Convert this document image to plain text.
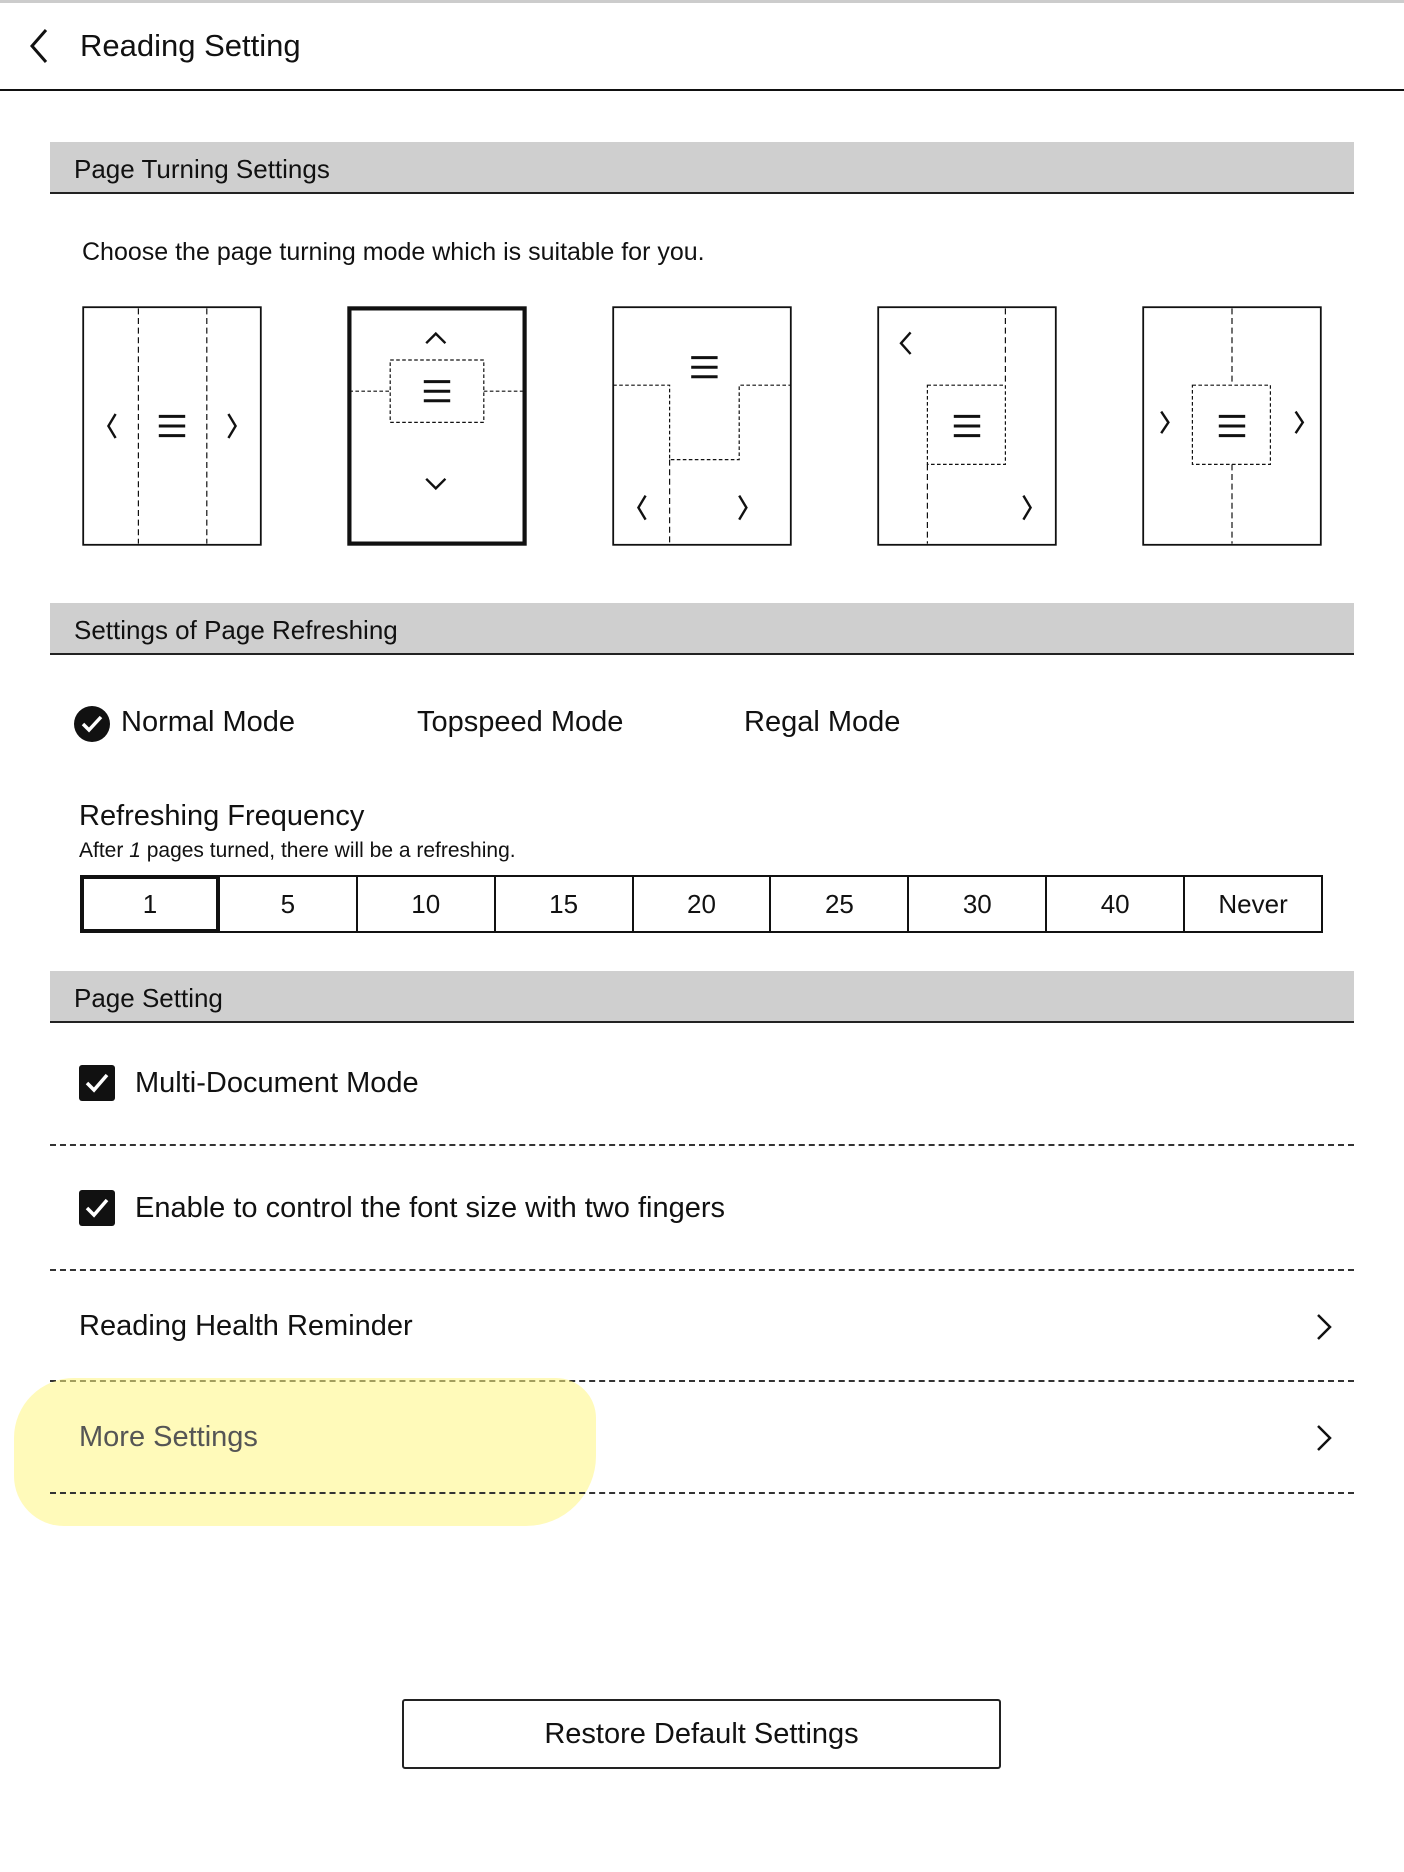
Reading Setting
Page Turning Settings
Choose the page turning mode which is suitable for you.
Settings of Page Refreshing
Normal Mode	Topspeed Mode	Regal Mode
Refreshing Frequency
After 1 pages turned, there will be a refreshing.
1	5	10	15	20	25	30	40	Never
Page Setting
Multi-Document Mode
Enable to control the font size with two fingers
Reading Health Reminder
More Settings
Restore Default Settings
